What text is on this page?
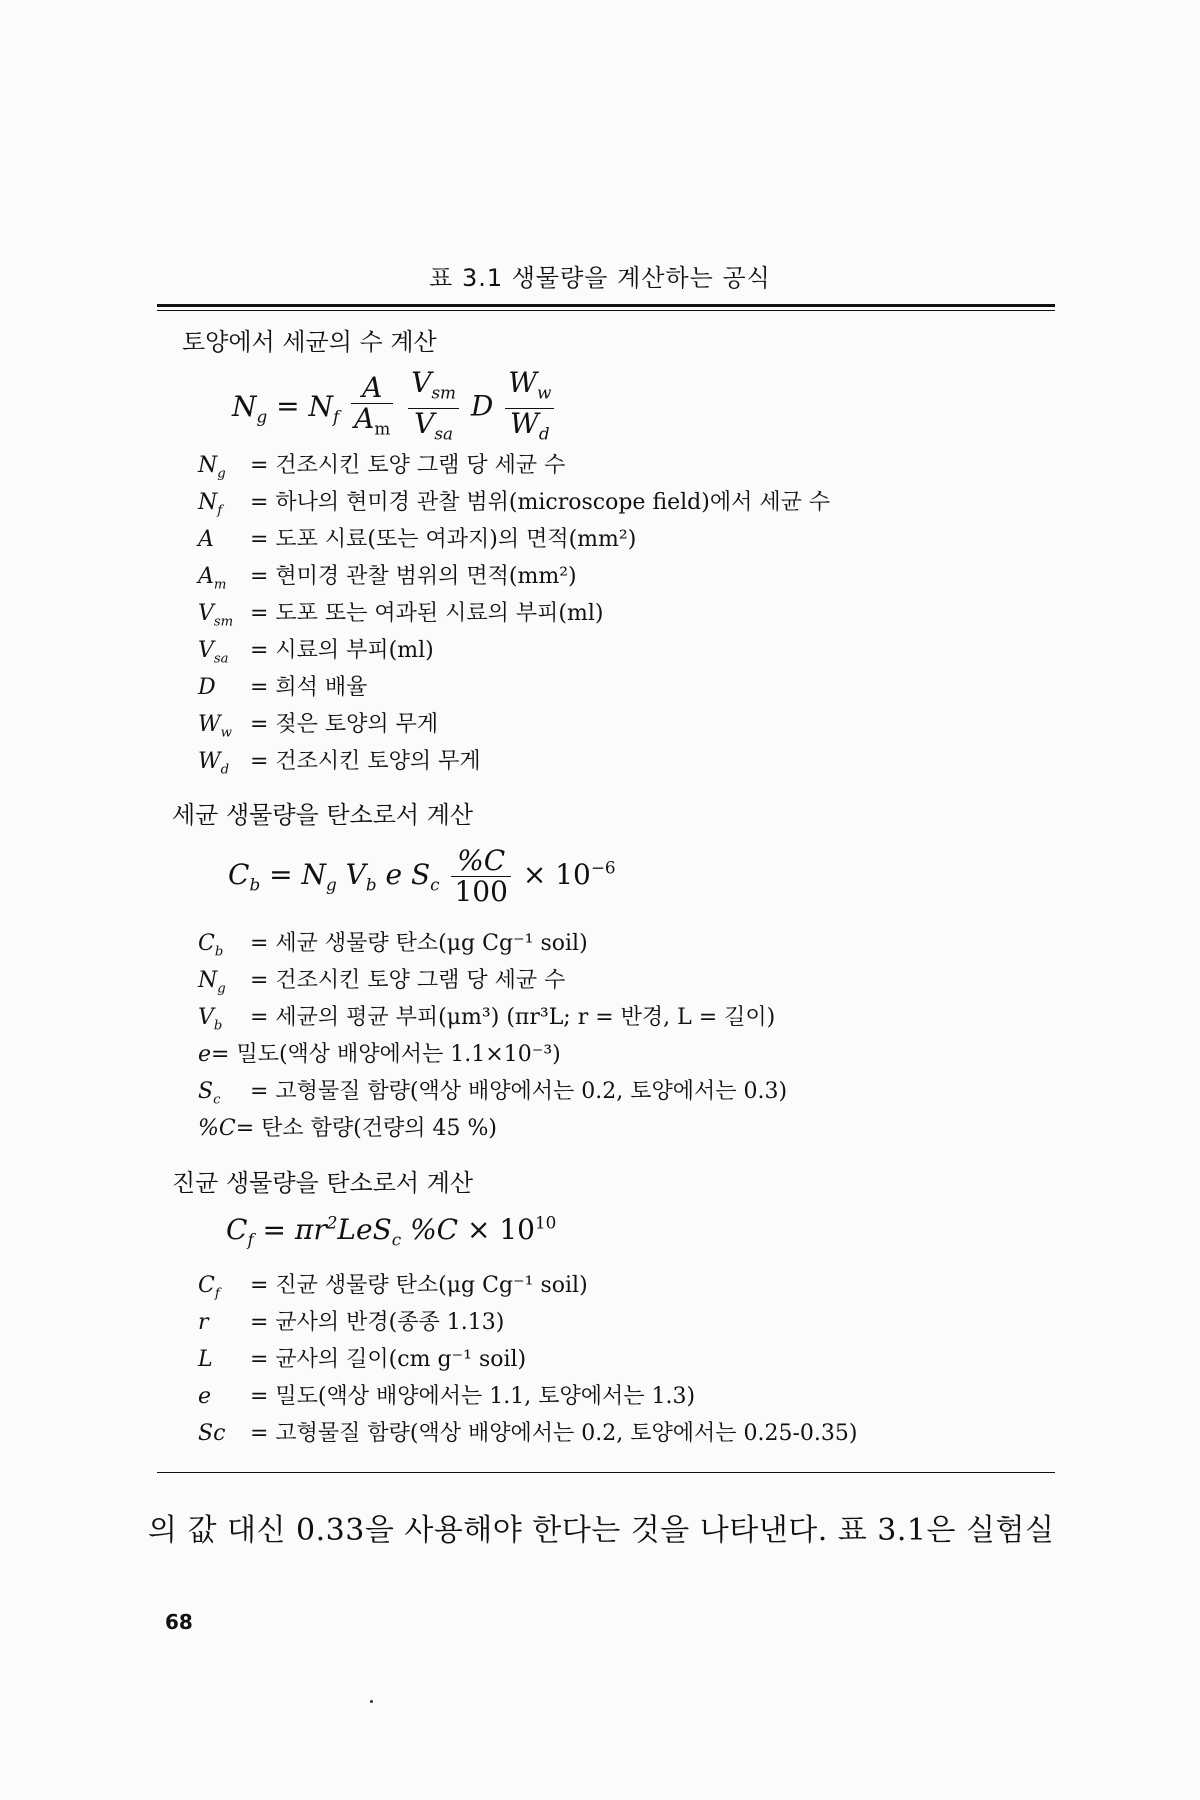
표 3.1 생물량을 계산하는 공식
토양에서 세균의 수 계산
$N_g = N_f \frac{A}{A_m}$
$\frac{V_{sm}}{V_{sa}}$ D $\frac{W_w}{W_d}$
$N_g$ = 건조시킨 토양 그램 당 세균 수
$N_f$ = 하나의 현미경 관찰 범위(microscope field)에서 세균 수
A = 도포 시료(또는 여과지)의 면적(mm²)
$A_m$ = 현미경 관찰 범위의 면적(mm²)
$V_{sm}$ = 도포 또는 여과된 시료의 부피(ml)
$V_{sa}$ = 시료의 부피(ml)
D = 희석 배율
$W_w$ = 젖은 토양의 무게
$W_d$ = 건조시킨 토양의 무게
세균 생물량을 탄소로서 계산
$C_b = N_g$ $V_b$ e $S_c \frac{\%C}{100} \times 10^{-6}$
$C_b$ = 세균 생물량 탄소(μg Cg⁻¹ soil)
$N_g$ = 건조시킨 토양 그램 당 세균 수
$V_b$ = 세균의 평균 부피(μm³) (πr³L; r = 반경, L = 길이)
e= 밀도(액상 배양에서는 1.1×10⁻³)
$S_c$ = 고형물질 함량(액상 배양에서는 0.2, 토양에서는 0.3)
%C= 탄소 함량(건량의 45 %)
진균 생물량을 탄소로서 계산
$C_f = \pi r^2LeS_c$ $\%C \times 10^{10}$
$C_f$ = 진균 생물량 탄소(μg Cg⁻¹ soil)
r = 균사의 반경(종종 1.13)
L = 균사의 길이(cm g⁻¹ soil)
e = 밀도(액상 배양에서는 1.1, 토양에서는 1.3)
Sc = 고형물질 함량(액상 배양에서는 0.2, 토양에서는 0.25-0.35)
의 값 대신 0.33을 사용해야 한다는 것을 나타낸다. 표 3.1은 실험실
68
